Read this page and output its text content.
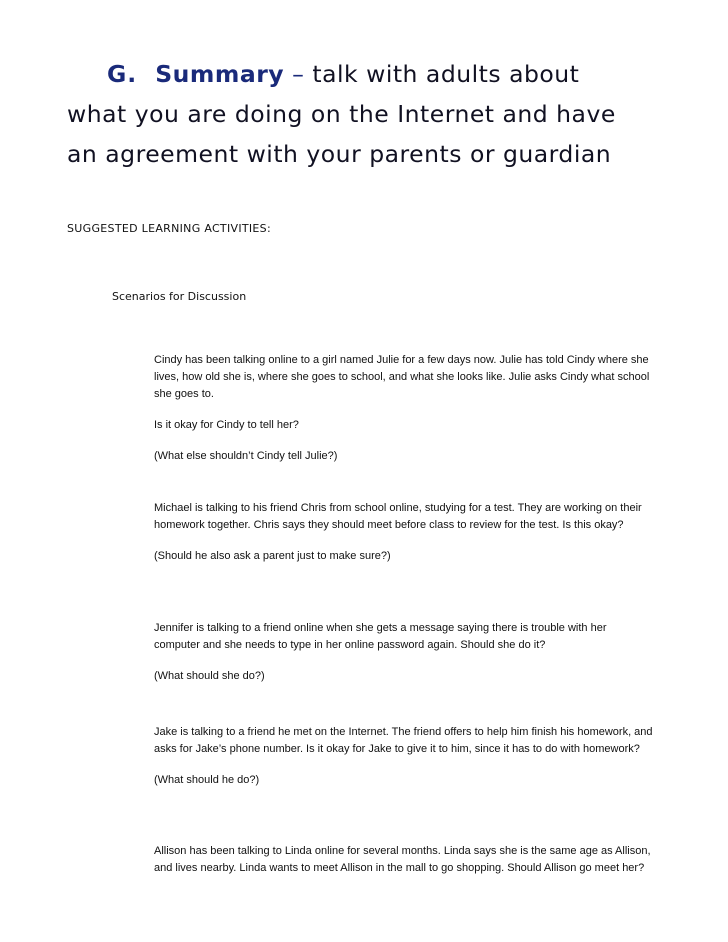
G. Summary – talk with adults about
what you are doing on the Internet and have
an agreement with your parents or guardian
SUGGESTED LEARNING ACTIVITIES:
Scenarios for Discussion

Cindy has been talking online to a girl named Julie for a few days now. Julie has told Cindy where she lives, how old she is, where she goes to school, and what she looks like. Julie asks Cindy what school she goes to.

Is it okay for Cindy to tell her?

(What else shouldn’t Cindy tell Julie?)

Michael is talking to his friend Chris from school online, studying for a test. They are working on their homework together. Chris says they should meet before class to review for the test. Is this okay?

(Should he also ask a parent just to make sure?)

Jennifer is talking to a friend online when she gets a message saying there is trouble with her computer and she needs to type in her online password again. Should she do it?

(What should she do?)

Jake is talking to a friend he met on the Internet. The friend offers to help him finish his homework, and asks for Jake’s phone number. Is it okay for Jake to give it to him, since it has to do with homework?

(What should he do?)

Allison has been talking to Linda online for several months. Linda says she is the same age as Allison, and lives nearby. Linda wants to meet Allison in the mall to go shopping. Should Allison go meet her?
